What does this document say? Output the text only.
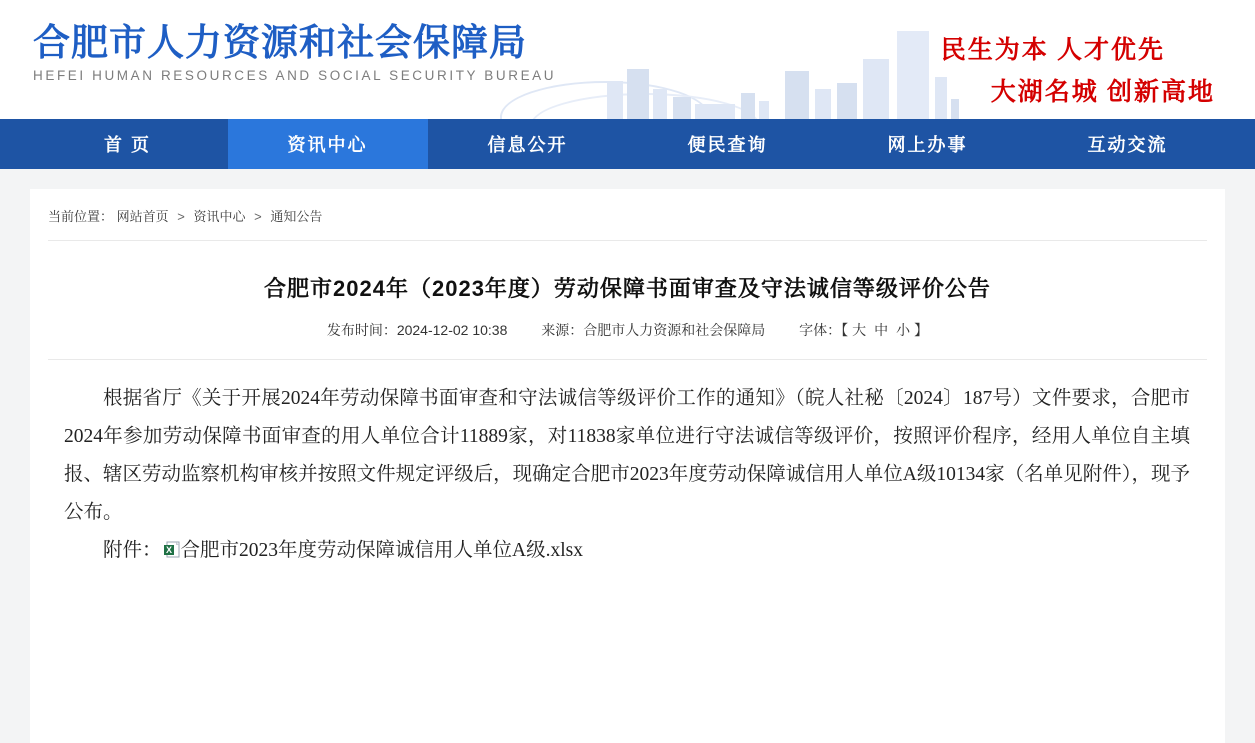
合肥市人力资源和社会保障局
HEFEI HUMAN RESOURCES AND SOCIAL SECURITY BUREAU
民生为本 人才优先
大湖名城 创新高地
首 页	资讯中心	信息公开	便民查询	网上办事	互动交流
当前位置： 网站首页 > 资讯中心 > 通知公告
合肥市2024年（2023年度）劳动保障书面审查及守法诚信等级评价公告
发布时间：2024-12-02 10:38 来源：合肥市人力资源和社会保障局 字体：【 大 中 小 】

根据省厅《关于开展2024年劳动保障书面审查和守法诚信等级评价工作的通知》（皖人社秘〔2024〕187号）文件要求，合肥市2024年参加劳动保障书面审查的用人单位合计11889家，对11838家单位进行守法诚信等级评价，按照评价程序，经用人单位自主填报、辖区劳动监察机构审核并按照文件规定评级后，现确定合肥市2023年度劳动保障诚信用人单位A级10134家（名单见附件），现予公布。

附件： X 合肥市2023年度劳动保障诚信用人单位A级.xlsx
